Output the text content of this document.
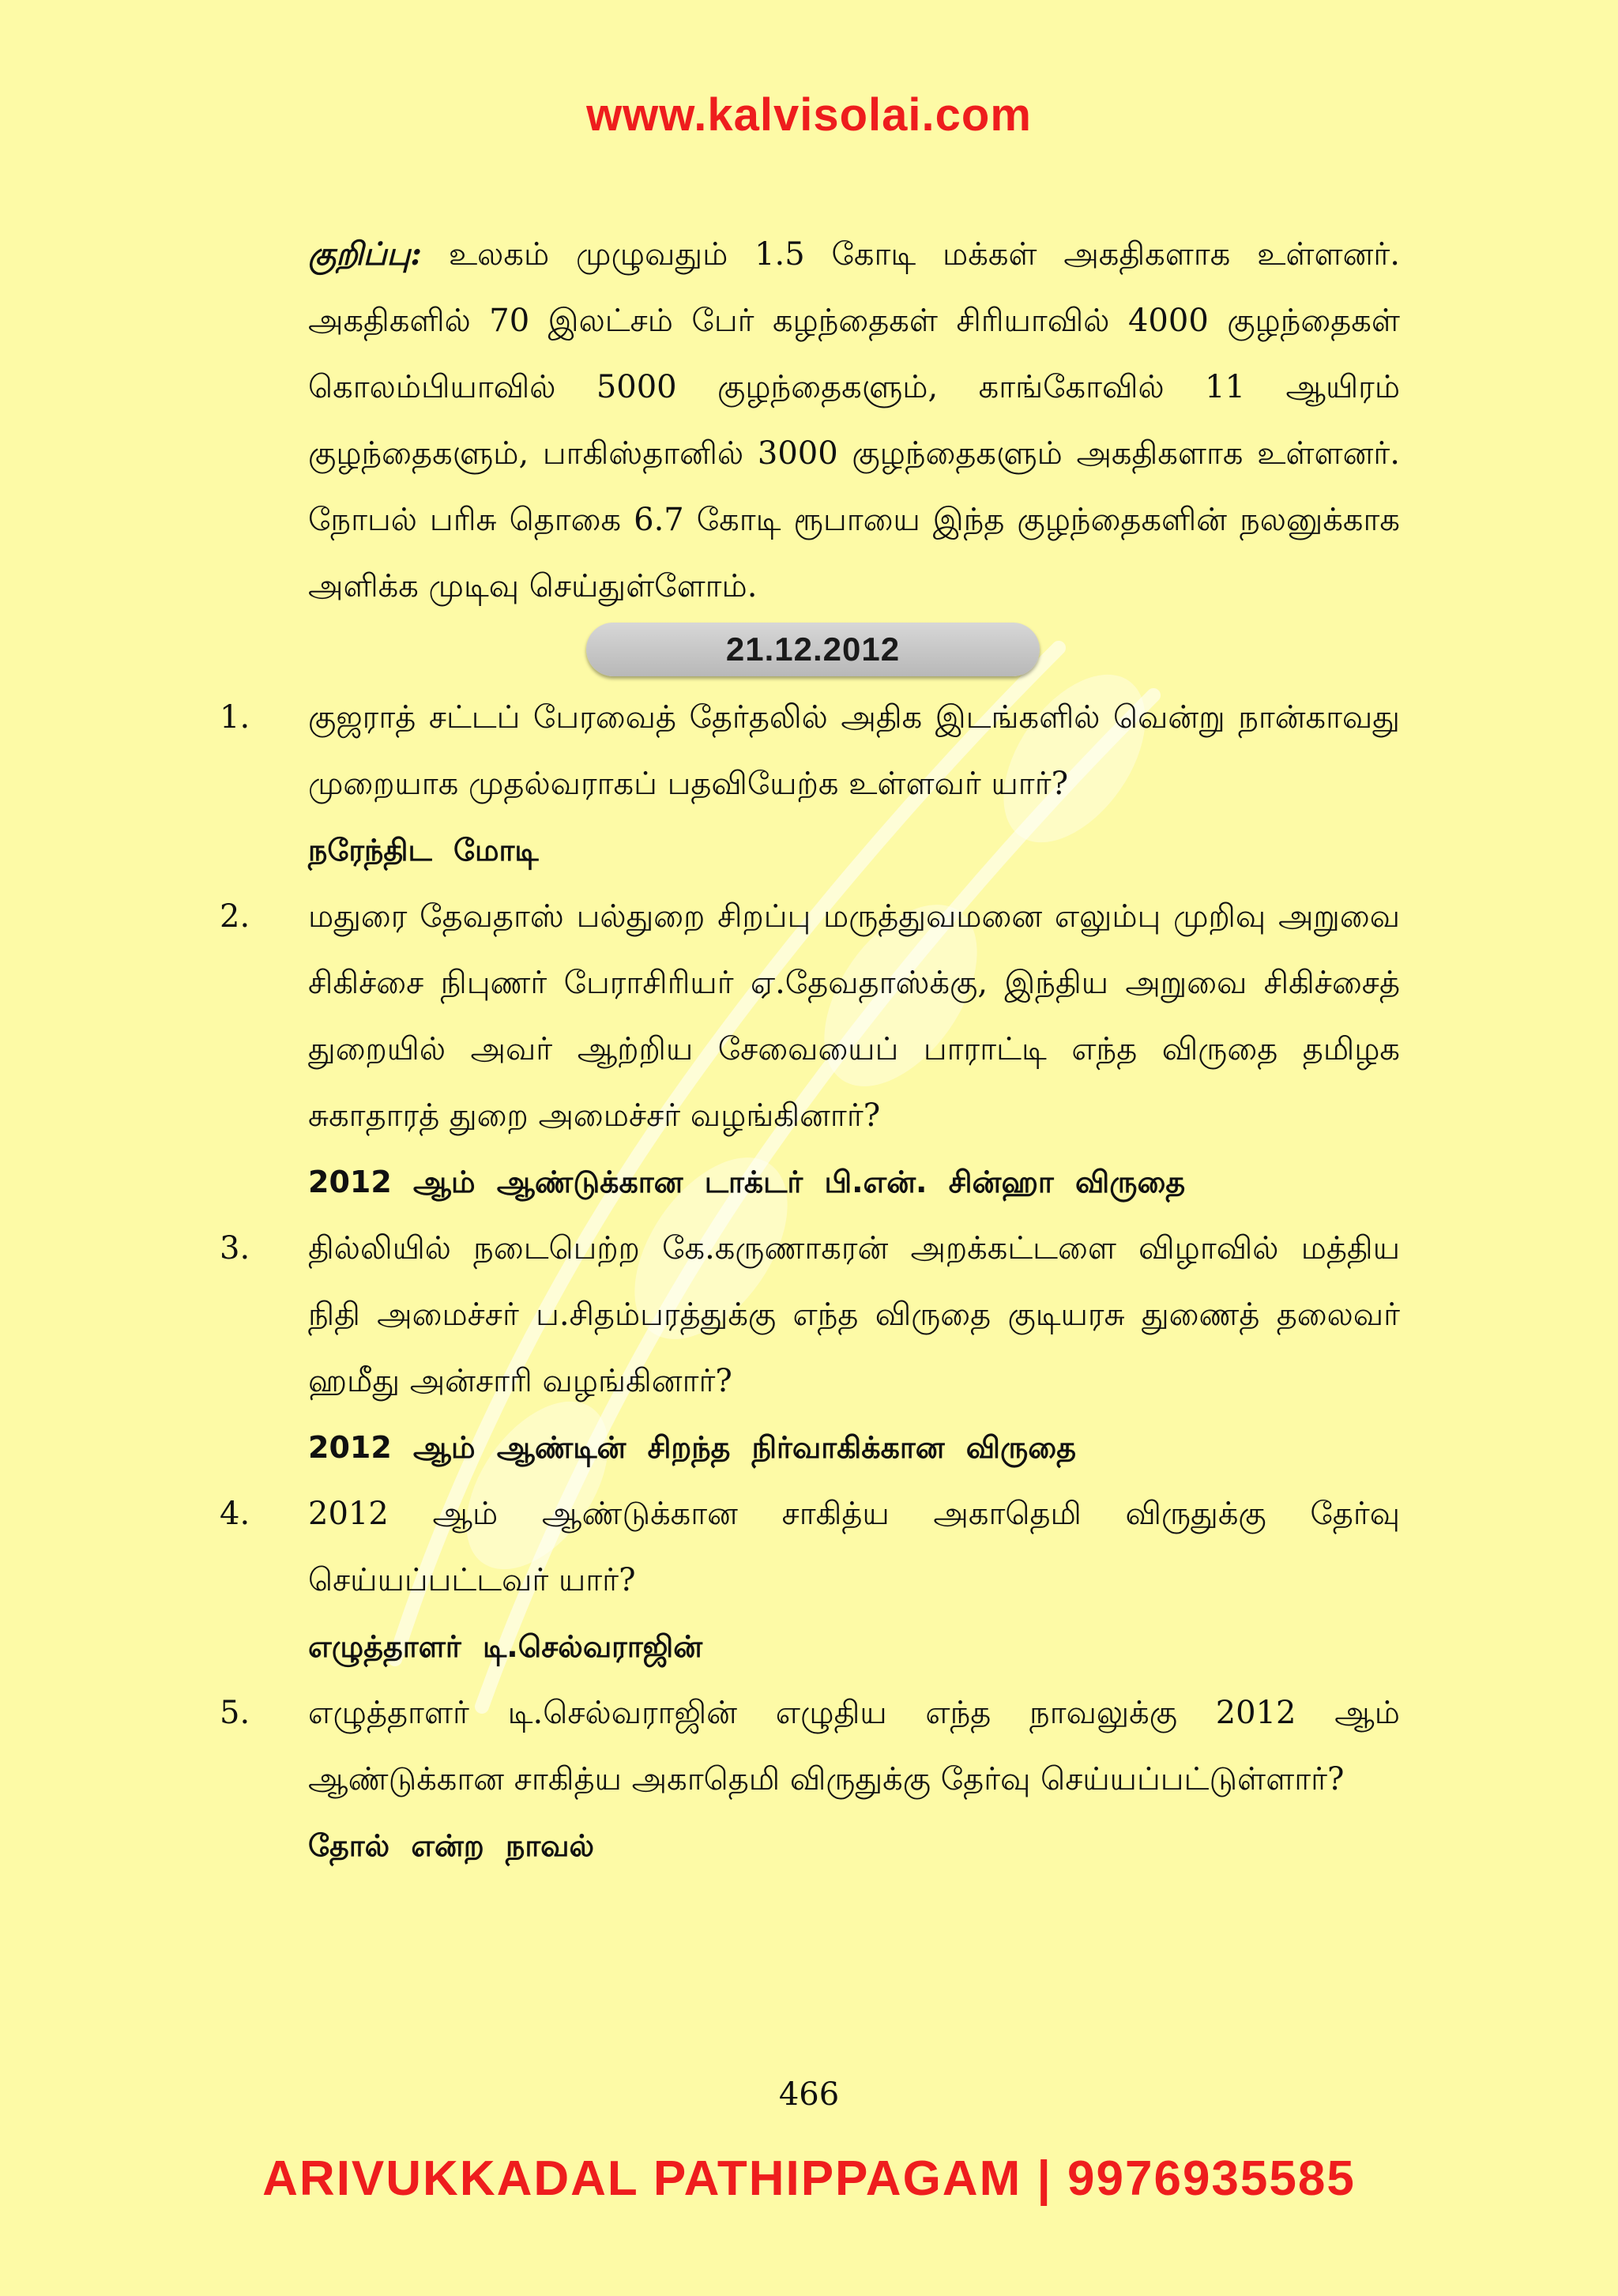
www.kalvisolai.com

குறிப்பு: உலகம் முழுவதும் 1.5 கோடி மக்கள் அகதிகளாக உள்ளனர். அகதிகளில் 70 இலட்சம் பேர் கழந்தைகள் சிரியாவில் 4000 குழந்தைகள் கொலம்பியாவில் 5000 குழந்தைகளும், காங்கோவில் 11 ஆயிரம் குழந்தைகளும், பாகிஸ்தானில் 3000 குழந்தைகளும் அகதிகளாக உள்ளனர். நோபல் பரிசு தொகை 6.7 கோடி ரூபாயை இந்த குழந்தைகளின் நலனுக்காக அளிக்க முடிவு செய்துள்ளோம்.

21.12.2012
1. குஜராத் சட்டப் பேரவைத் தேர்தலில் அதிக இடங்களில் வென்று நான்காவது முறையாக முதல்வராகப் பதவியேற்க உள்ளவர் யார்?

நரேந்திட மோடி

2. மதுரை தேவதாஸ் பல்துறை சிறப்பு மருத்துவமனை எலும்பு முறிவு அறுவை சிகிச்சை நிபுணர் பேராசிரியர் ஏ.தேவதாஸ்க்கு, இந்திய அறுவை சிகிச்சைத் துறையில் அவர் ஆற்றிய சேவையைப் பாராட்டி எந்த விருதை தமிழக சுகாதாரத் துறை அமைச்சர் வழங்கினார்?

2012 ஆம் ஆண்டுக்கான டாக்டர் பி.என். சின்ஹா விருதை

3. தில்லியில் நடைபெற்ற கே.கருணாகரன் அறக்கட்டளை விழாவில் மத்திய நிதி அமைச்சர் ப.சிதம்பரத்துக்கு எந்த விருதை குடியரசு துணைத் தலைவர் ஹமீது அன்சாரி வழங்கினார்?

2012 ஆம் ஆண்டின் சிறந்த நிர்வாகிக்கான விருதை

4. 2012 ஆம் ஆண்டுக்கான சாகித்ய அகாதெமி விருதுக்கு தேர்வு செய்யப்பட்டவர் யார்?

எழுத்தாளர் டி.செல்வராஜின்

5. எழுத்தாளர் டி.செல்வராஜின் எழுதிய எந்த நாவலுக்கு 2012 ஆம் ஆண்டுக்கான சாகித்ய அகாதெமி விருதுக்கு தேர்வு செய்யப்பட்டுள்ளார்?

தோல் என்ற நாவல்

466
ARIVUKKADAL PATHIPPAGAM | 9976935585
